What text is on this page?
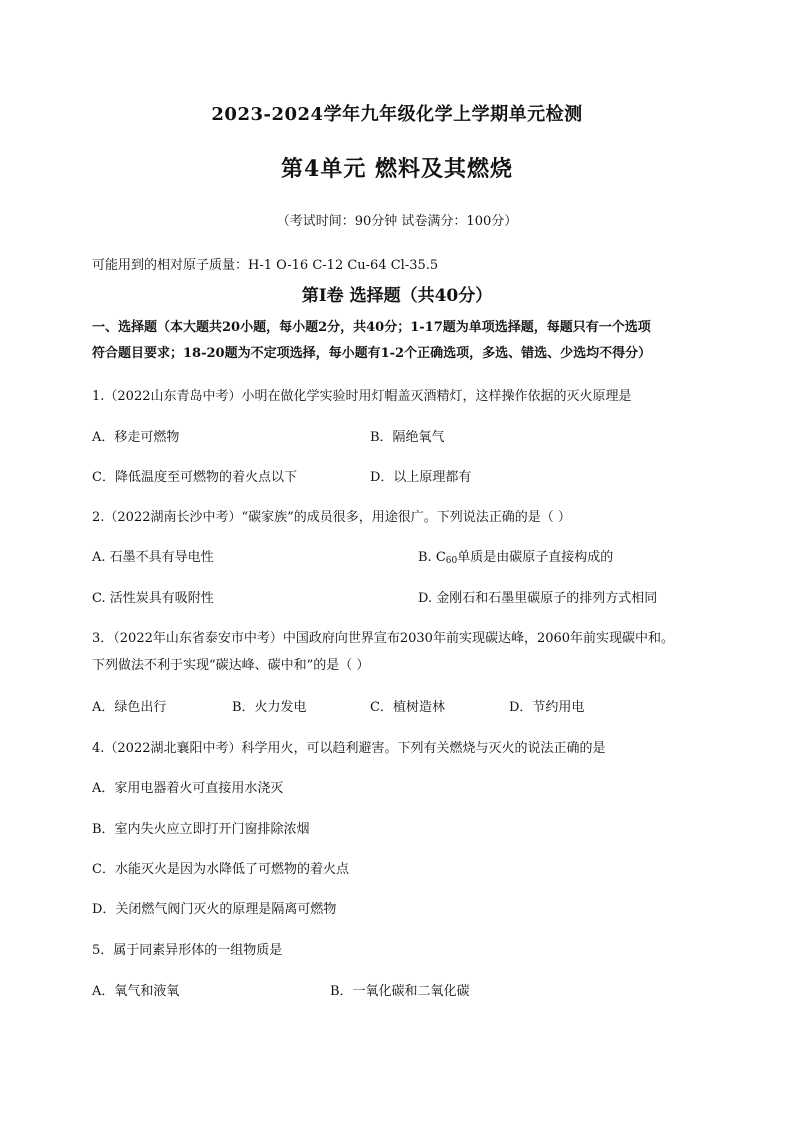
2023-2024学年九年级化学上学期单元检测
第4单元 燃料及其燃烧
（考试时间：90分钟 试卷满分：100分）
可能用到的相对原子质量：H-1 O-16 C-12 Cu-64 Cl-35.5
第Ⅰ卷 选择题（共40分）
一、选择题（本大题共20小题，每小题2分，共40分；1-17题为单项选择题，每题只有一个选项
符合题目要求；18-20题为不定项选择，每小题有1-2个正确选项，多选、错选、少选均不得分）
1.（2022山东青岛中考）小明在做化学实验时用灯帽盖灭酒精灯，这样操作依据的灭火原理是
A．移走可燃物	B．隔绝氧气
C．降低温度至可燃物的着火点以下	D．以上原理都有
2.（2022湖南长沙中考）“碳家族”的成员很多，用途很广。下列说法正确的是（ ）
A. 石墨不具有导电性	B. $C_{60}$单质是由碳原子直接构成的
C. 活性炭具有吸附性	D. 金刚石和石墨里碳原子的排列方式相同
3．（2022年山东省泰安市中考）中国政府向世界宣布2030年前实现碳达峰，2060年前实现碳中和。
下列做法不利于实现“碳达峰、碳中和”的是（ ）
A．绿色出行	B．火力发电	C．植树造林	D．节约用电
4.（2022湖北襄阳中考）科学用火，可以趋利避害。下列有关燃烧与灭火的说法正确的是
A．家用电器着火可直接用水浇灭
B．室内失火应立即打开门窗排除浓烟
C．水能灭火是因为水降低了可燃物的着火点
D．关闭燃气阀门灭火的原理是隔离可燃物
5．属于同素异形体的一组物质是
A．氧气和液氧	B．一氧化碳和二氧化碳
